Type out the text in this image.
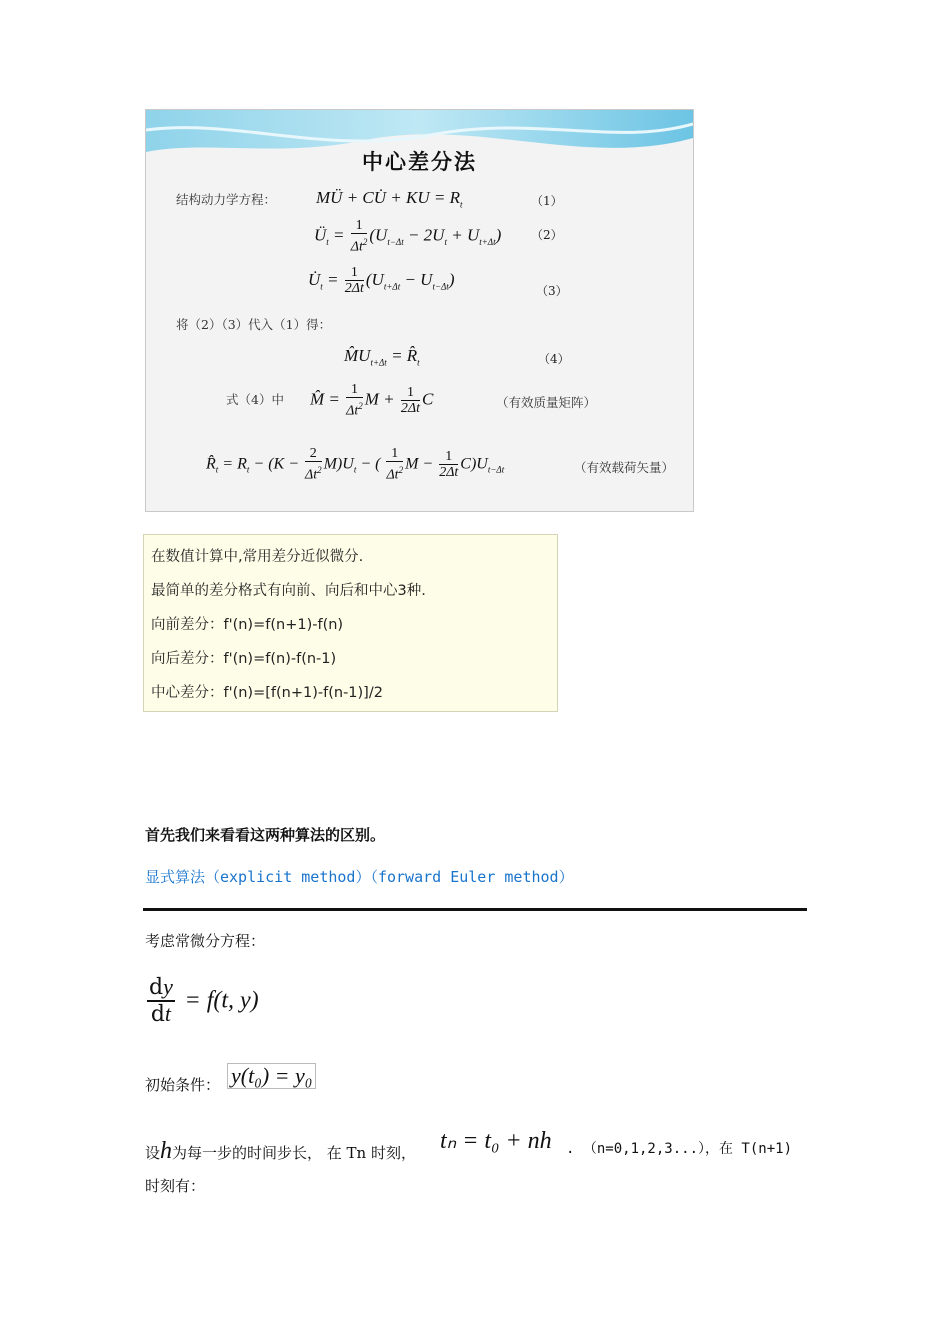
中心差分法
结构动力学方程： MÜ + CU̇ + KU = $R_t$	（1）
$Ü_t = \frac{1}{\Delta t^2} (U_{t-\Delta t} - 2U_t + U_{t+\Delta t})$ （2）
$U̇_t = \frac{1}{2\Delta t} (U_{t+\Delta t} - U_{t-\Delta t})$
（3）
将（2）（3）代入（1）得：
$M̂U_{t+\Delta t}$ = $R̂_t$	（4）
式（4）中 M̂ = $\frac{1}{\Delta t^2}$ $M + \frac{1}{2\Delta t}$ C	（有效质量矩阵）
$R̂_t = R_t - (K - \frac{2}{\Delta t^2} M)U_t$ − ( $\frac{1}{\Delta t^2}$ $M - \frac{1}{2\Delta t} C)U_{t-\Delta t}$	（有效载荷矢量）
在数值计算中,常用差分近似微分.
最简单的差分格式有向前、向后和中心3种.
向前差分：f'(n)=f(n+1)-f(n)
向后差分：f'(n)=f(n)-f(n-1)
中心差分：f'(n)=[f(n+1)-f(n-1)]/2
首先我们来看看这两种算法的区别。
显式算法（explicit method）（forward Euler method）
考虑常微分方程：
$\frac{dy}{dt} = f(t$, y)
初始条件： y(t₀) = y₀
设h为每一步的时间步长， 在 Tn 时刻， tₙ = t₀ + nh . （n=0,1,2,3...），在 T(n+1)
时刻有：
